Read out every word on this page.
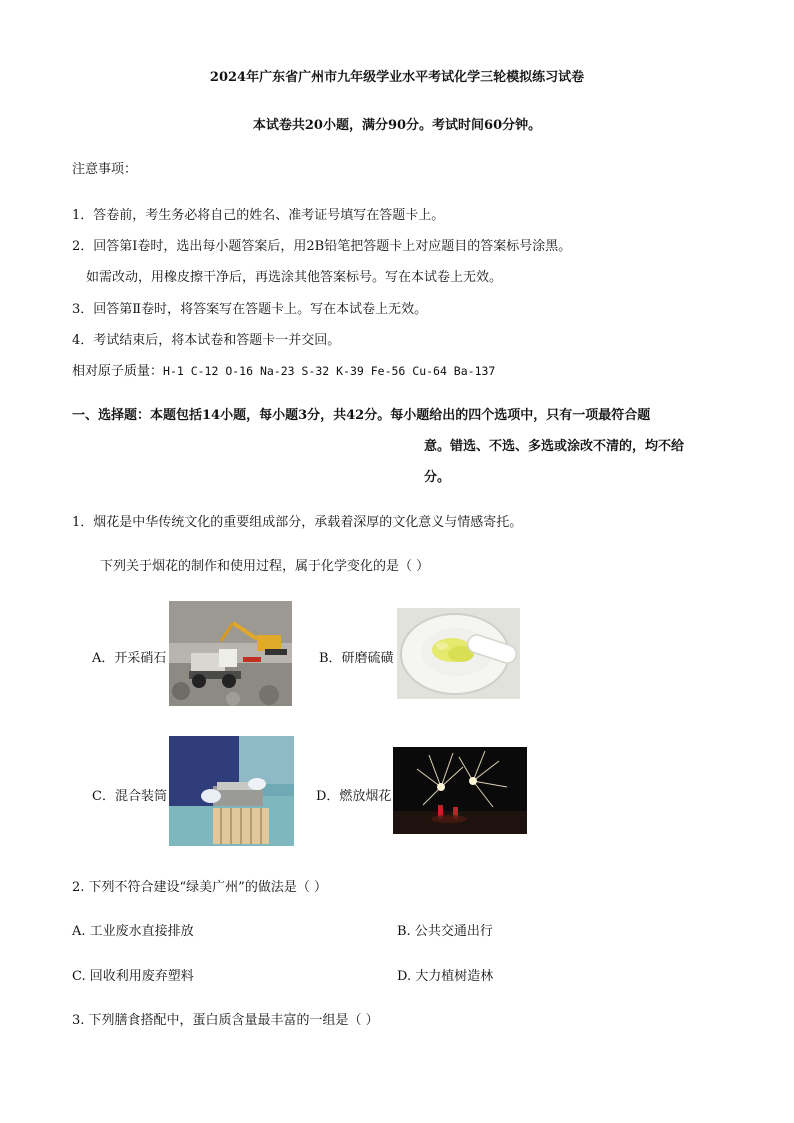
2024年广东省广州市九年级学业水平考试化学三轮模拟练习试卷
本试卷共20小题，满分90分。考试时间60分钟。
注意事项：
1．答卷前，考生务必将自己的姓名、准考证号填写在答题卡上。
2．回答第Ⅰ卷时，选出每小题答案后，用2B铅笔把答题卡上对应题目的答案标号涂黑。
如需改动，用橡皮擦干净后，再选涂其他答案标号。写在本试卷上无效。
3．回答第Ⅱ卷时，将答案写在答题卡上。写在本试卷上无效。
4．考试结束后，将本试卷和答题卡一并交回。
相对原子质量：H-1 C-12 O-16 Na-23 S-32 K-39 Fe-56 Cu-64 Ba-137
一、选择题：本题包括14小题，每小题3分，共42分。每小题给出的四个选项中，只有一项最符合题
意。错选、不选、多选或涂改不清的，均不给
分。
1．烟花是中华传统文化的重要组成部分，承载着深厚的文化意义与情感寄托。
下列关于烟花的制作和使用过程，属于化学变化的是（ ）
A．开采硝石	B．研磨硫磺
C．混合装筒	D．燃放烟花
2. 下列不符合建设“绿美广州”的做法是（ ）
A. 工业废水直接排放	B. 公共交通出行
C. 回收利用废弃塑料	D. 大力植树造林
3. 下列膳食搭配中，蛋白质含量最丰富的一组是（ ）
